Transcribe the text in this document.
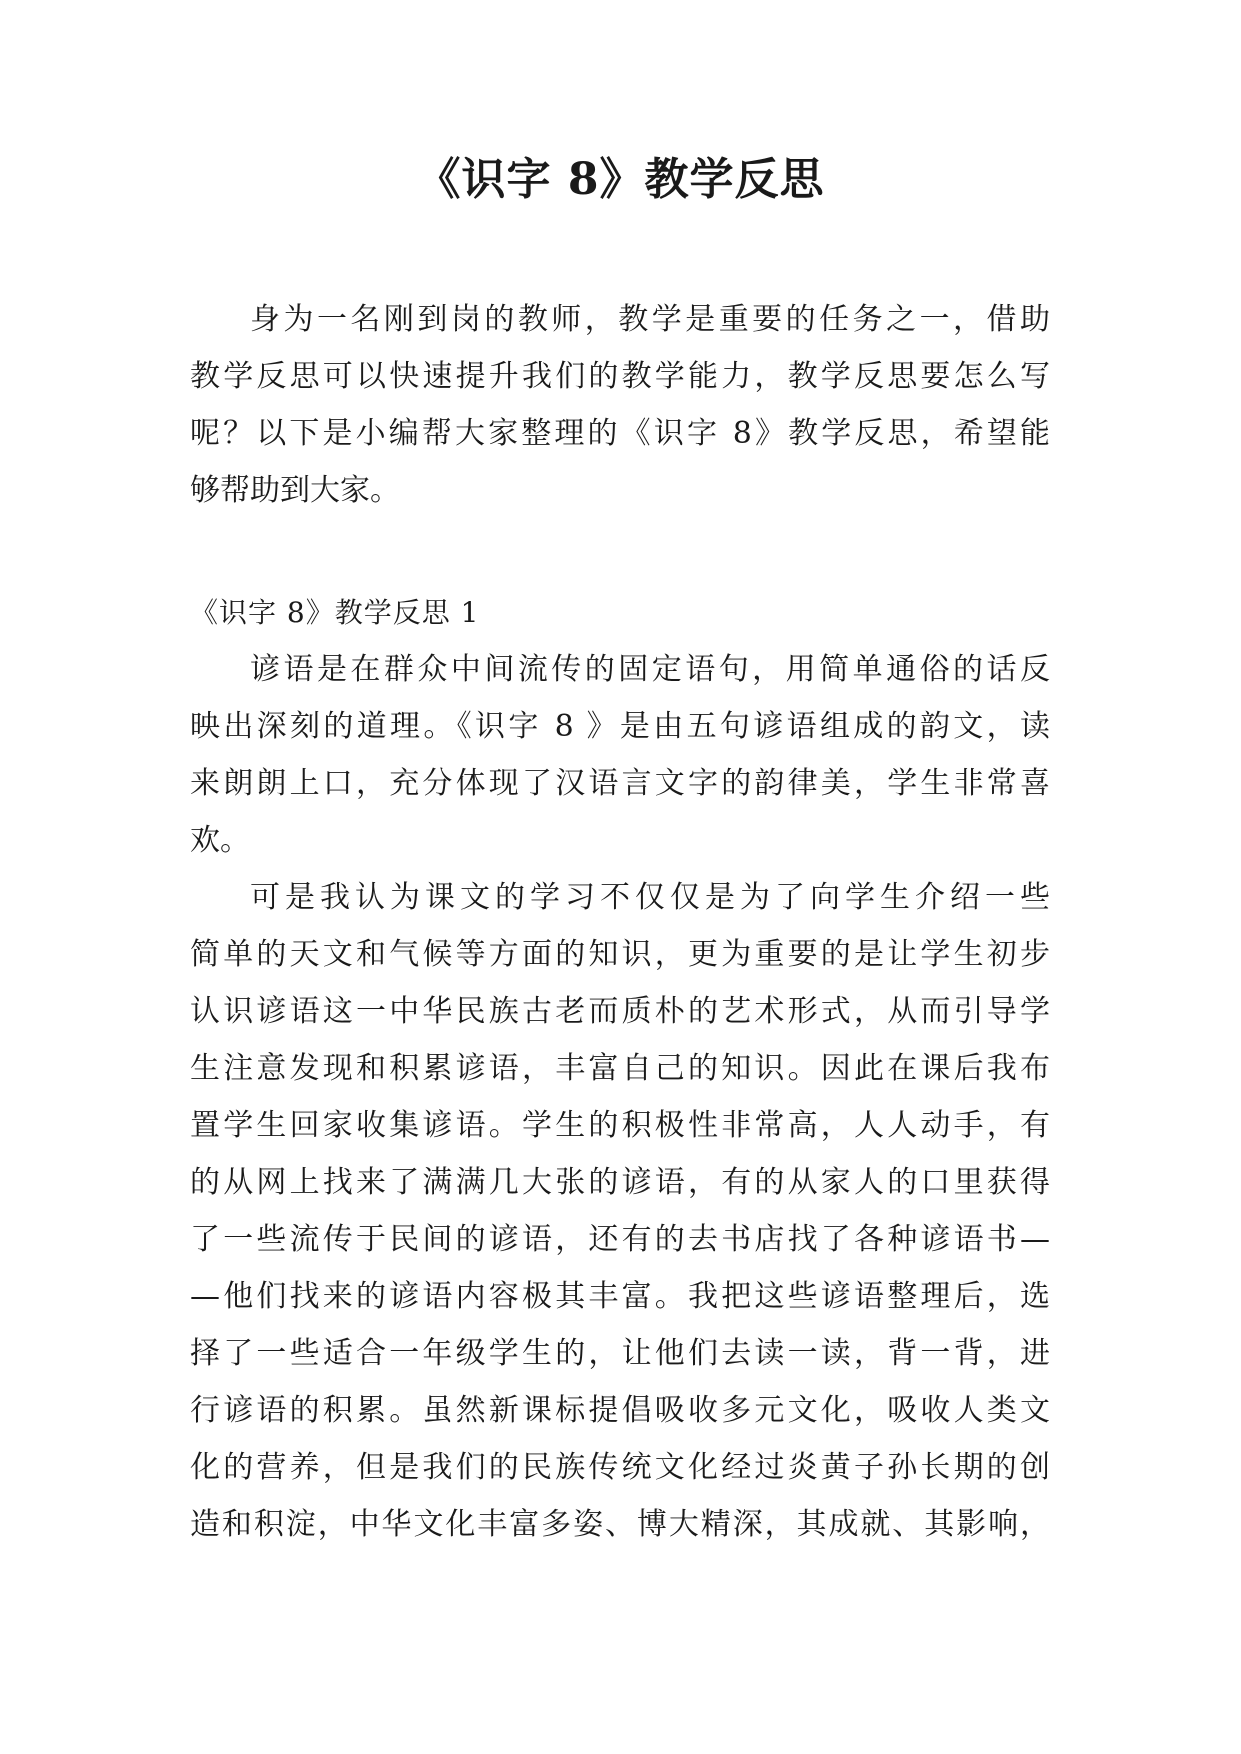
《识字 8》教学反思

身为一名刚到岗的教师，教学是重要的任务之一，借助

教学反思可以快速提升我们的教学能力，教学反思要怎么写

呢？以下是小编帮大家整理的《识字 8》教学反思，希望能

够帮助到大家。

《识字 8》教学反思 1

谚语是在群众中间流传的固定语句，用简单通俗的话反

映出深刻的道理。《识字 8 》是由五句谚语组成的韵文，读

来朗朗上口，充分体现了汉语言文字的韵律美，学生非常喜

欢。

可是我认为课文的学习不仅仅是为了向学生介绍一些

简单的天文和气候等方面的知识，更为重要的是让学生初步

认识谚语这一中华民族古老而质朴的艺术形式，从而引导学

生注意发现和积累谚语，丰富自己的知识。因此在课后我布

置学生回家收集谚语。学生的积极性非常高，人人动手，有

的从网上找来了满满几大张的谚语，有的从家人的口里获得

了一些流传于民间的谚语，还有的去书店找了各种谚语书—

—他们找来的谚语内容极其丰富。我把这些谚语整理后，选

择了一些适合一年级学生的，让他们去读一读，背一背，进

行谚语的积累。虽然新课标提倡吸收多元文化，吸收人类文

化的营养，但是我们的民族传统文化经过炎黄子孙长期的创

造和积淀，中华文化丰富多姿、博大精深，其成就、其影响，
